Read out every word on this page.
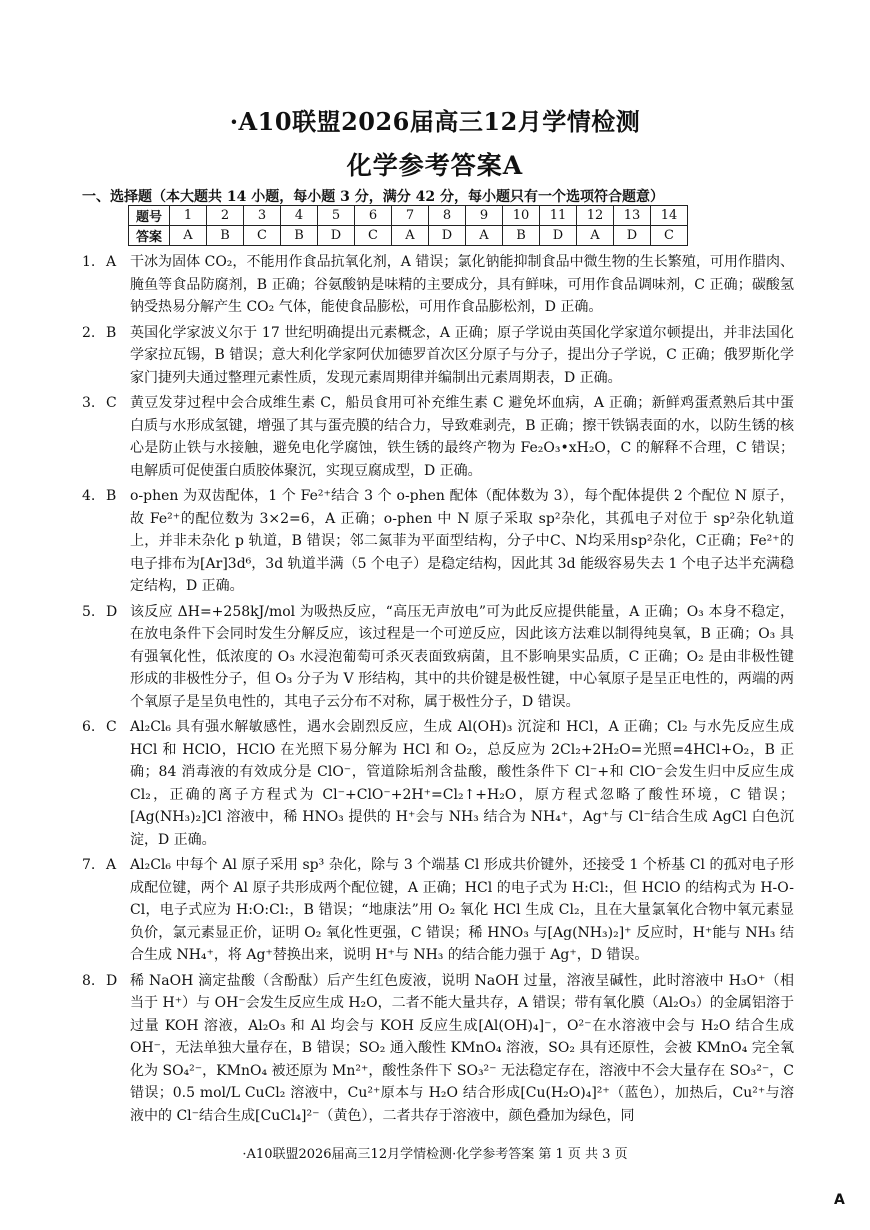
·A10联盟2026届高三12月学情检测
化学参考答案A
一、选择题（本大题共 14 小题，每小题 3 分，满分 42 分，每小题只有一个选项符合题意）
题号	1	2	3	4	5	6	7	8	9	10	11	12	13	14
答案	A	B	C	B	D	C	A	D	A	B	D	A	D	C
1. A 干冰为固体 CO₂，不能用作食品抗氧化剂，A 错误；氯化钠能抑制食品中微生物的生长繁殖，可用作腊肉、腌鱼等食品防腐剂，B 正确；谷氨酸钠是味精的主要成分，具有鲜味，可用作食品调味剂，C 正确；碳酸氢钠受热易分解产生 CO₂ 气体，能使食品膨松，可用作食品膨松剂，D 正确。
2. B 英国化学家波义尔于 17 世纪明确提出元素概念，A 正确；原子学说由英国化学家道尔顿提出，并非法国化学家拉瓦锡，B 错误；意大利化学家阿伏加德罗首次区分原子与分子，提出分子学说，C 正确；俄罗斯化学家门捷列夫通过整理元素性质，发现元素周期律并编制出元素周期表，D 正确。
3. C 黄豆发芽过程中会合成维生素 C，船员食用可补充维生素 C 避免坏血病，A 正确；新鲜鸡蛋煮熟后其中蛋白质与水形成氢键，增强了其与蛋壳膜的结合力，导致难剥壳，B 正确；擦干铁锅表面的水，以防生锈的核心是防止铁与水接触，避免电化学腐蚀，铁生锈的最终产物为 Fe₂O₃•xH₂O，C 的解释不合理，C 错误；电解质可促使蛋白质胶体聚沉，实现豆腐成型，D 正确。
4. B o-phen 为双齿配体，1 个 Fe²⁺结合 3 个 o-phen 配体（配体数为 3），每个配体提供 2 个配位 N 原子，故 Fe²⁺的配位数为 3×2=6，A 正确；o-phen 中 N 原子采取 sp²杂化，其孤电子对位于 sp²杂化轨道上，并非未杂化 p 轨道，B 错误；邻二氮菲为平面型结构，分子中C、N均采用sp²杂化，C正确；Fe²⁺的电子排布为[Ar]3d⁶，3d 轨道半满（5 个电子）是稳定结构，因此其 3d 能级容易失去 1 个电子达半充满稳定结构，D 正确。
5. D 该反应 ΔH=+258kJ/mol 为吸热反应，“高压无声放电”可为此反应提供能量，A 正确；O₃ 本身不稳定，在放电条件下会同时发生分解反应，该过程是一个可逆反应，因此该方法难以制得纯臭氧，B 正确；O₃ 具有强氧化性，低浓度的 O₃ 水浸泡葡萄可杀灭表面致病菌，且不影响果实品质，C 正确；O₂ 是由非极性键形成的非极性分子，但 O₃ 分子为 V 形结构，其中的共价键是极性键，中心氧原子是呈正电性的，两端的两个氧原子是呈负电性的，其电子云分布不对称，属于极性分子，D 错误。
6. C Al₂Cl₆ 具有强水解敏感性，遇水会剧烈反应，生成 Al(OH)₃ 沉淀和 HCl，A 正确；Cl₂ 与水先反应生成 HCl 和 HClO，HClO 在光照下易分解为 HCl 和 O₂，总反应为 2Cl₂+2H₂O=光照=4HCl+O₂，B 正确；84 消毒液的有效成分是 ClO⁻，管道除垢剂含盐酸，酸性条件下 Cl⁻+和 ClO⁻会发生归中反应生成 Cl₂，正确的离子方程式为 Cl⁻+ClO⁻+2H⁺=Cl₂↑+H₂O，原方程式忽略了酸性环境，C 错误；[Ag(NH₃)₂]Cl 溶液中，稀 HNO₃ 提供的 H⁺会与 NH₃ 结合为 NH₄⁺，Ag⁺与 Cl⁻结合生成 AgCl 白色沉淀，D 正确。
7. A Al₂Cl₆ 中每个 Al 原子采用 sp³ 杂化，除与 3 个端基 Cl 形成共价键外，还接受 1 个桥基 Cl 的孤对电子形成配位键，两个 Al 原子共形成两个配位键，A 正确；HCl 的电子式为 H:Cl:，但 HClO 的结构式为 H-O-Cl，电子式应为 H:O:Cl:，B 错误；“地康法”用 O₂ 氧化 HCl 生成 Cl₂，且在大量氯氧化合物中氧元素显负价，氯元素显正价，证明 O₂ 氧化性更强，C 错误；稀 HNO₃ 与[Ag(NH₃)₂]⁺ 反应时，H⁺能与 NH₃ 结合生成 NH₄⁺，将 Ag⁺替换出来，说明 H⁺与 NH₃ 的结合能力强于 Ag⁺，D 错误。
8. D 稀 NaOH 滴定盐酸（含酚酞）后产生红色废液，说明 NaOH 过量，溶液呈碱性，此时溶液中 H₃O⁺（相当于 H⁺）与 OH⁻会发生反应生成 H₂O，二者不能大量共存，A 错误；带有氧化膜（Al₂O₃）的金属铝溶于过量 KOH 溶液，Al₂O₃ 和 Al 均会与 KOH 反应生成[Al(OH)₄]⁻，O²⁻在水溶液中会与 H₂O 结合生成 OH⁻，无法单独大量存在，B 错误；SO₂ 通入酸性 KMnO₄ 溶液，SO₂ 具有还原性，会被 KMnO₄ 完全氧化为 SO₄²⁻，KMnO₄ 被还原为 Mn²⁺，酸性条件下 SO₃²⁻ 无法稳定存在，溶液中不会大量存在 SO₃²⁻，C 错误；0.5 mol/L CuCl₂ 溶液中，Cu²⁺原本与 H₂O 结合形成[Cu(H₂O)₄]²⁺（蓝色），加热后，Cu²⁺与溶液中的 Cl⁻结合生成[CuCl₄]²⁻（黄色），二者共存于溶液中，颜色叠加为绿色，同
·A10联盟2026届高三12月学情检测·化学参考答案 第 1 页 共 3 页
A
